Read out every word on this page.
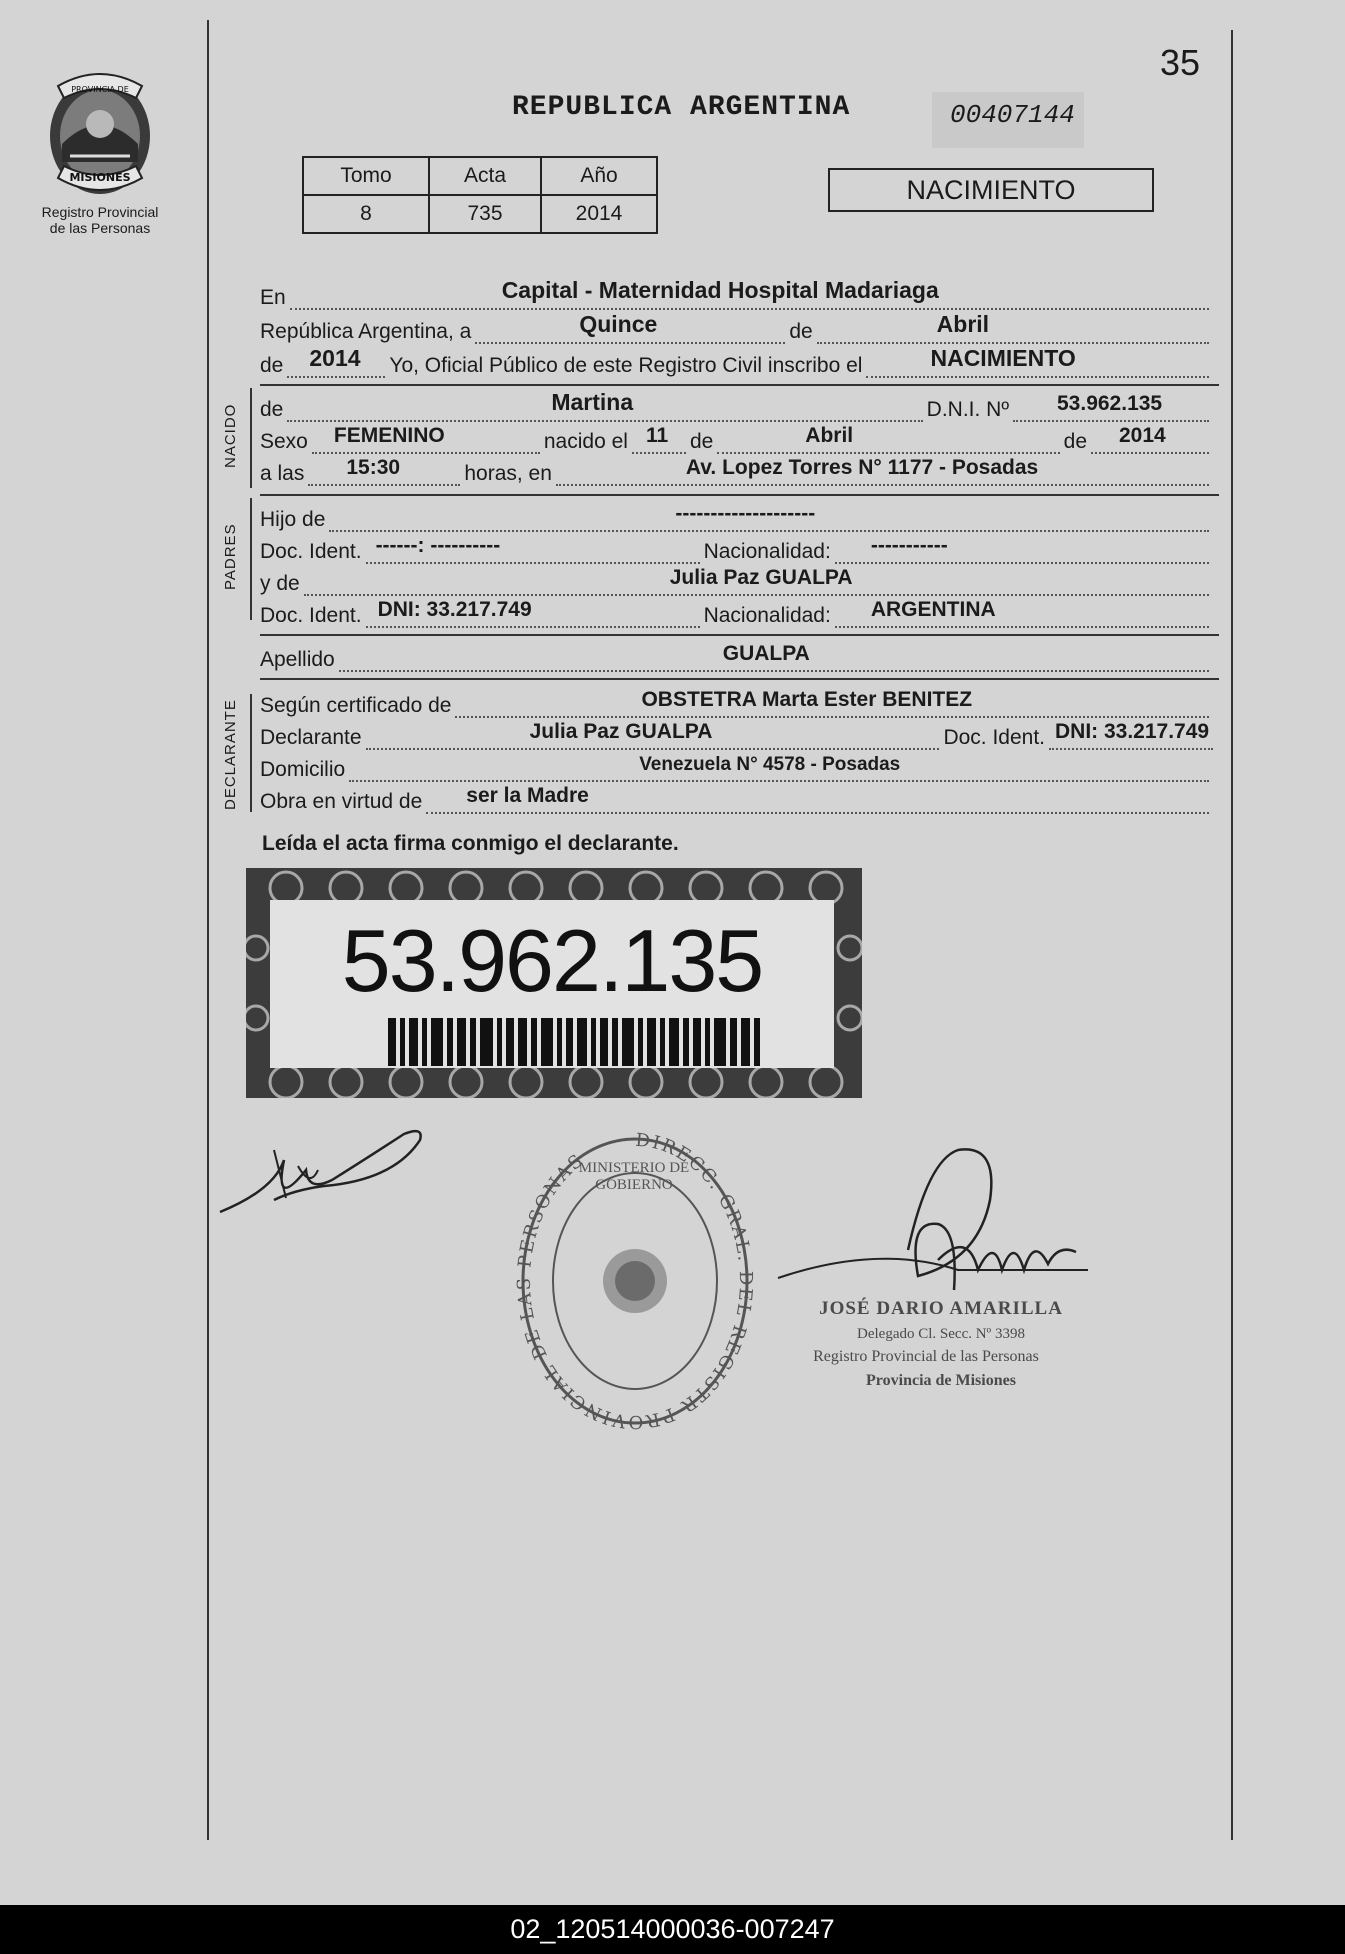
PROVINCIA DE
MISIONES
Registro Provincial
de las Personas
35
REPUBLICA ARGENTINA	00407144
Tomo	Acta	Año
8	735	2014
NACIMIENTO
En	Capital - Maternidad Hospital Madariaga
República Argentina, a	Quince	de	Abril
de 2014 Yo, Oficial Público de este Registro Civil inscribo el	NACIMIENTO
NACIDO de	Martina	D.N.I. Nº 53.962.135
Sexo FEMENINO	nacido el 11 de	Abril	de 2014
a las 15:30	horas, en	Av. Lopez Torres N° 1177 - Posadas
PADRES
Hijo de	--------------------
Doc. Ident. ------: ----------	Nacionalidad: -----------
y de	Julia Paz GUALPA
Doc. Ident. DNI: 33.217.749	Nacionalidad: ARGENTINA
Apellido	GUALPA
DECLARANTE Según certificado de	OBSTETRA Marta Ester BENITEZ
Declarante	Julia Paz GUALPA	Doc. Ident. DNI: 33.217.749
Domicilio	Venezuela N° 4578 - Posadas
Obra en virtud de ser la Madre
Leída el acta firma conmigo el declarante.
53.962.135
DIRECC. GRAL. DEL REGISTR PROVINCIAL DE LAS PERSONAS
MINISTERIO DE GOBIERNO
JOSÉ DARIO AMARILLA
Delegado Cl. Secc. Nº 3398
Registro Provincial de las Personas
Provincia de Misiones
02_120514000036-007247
